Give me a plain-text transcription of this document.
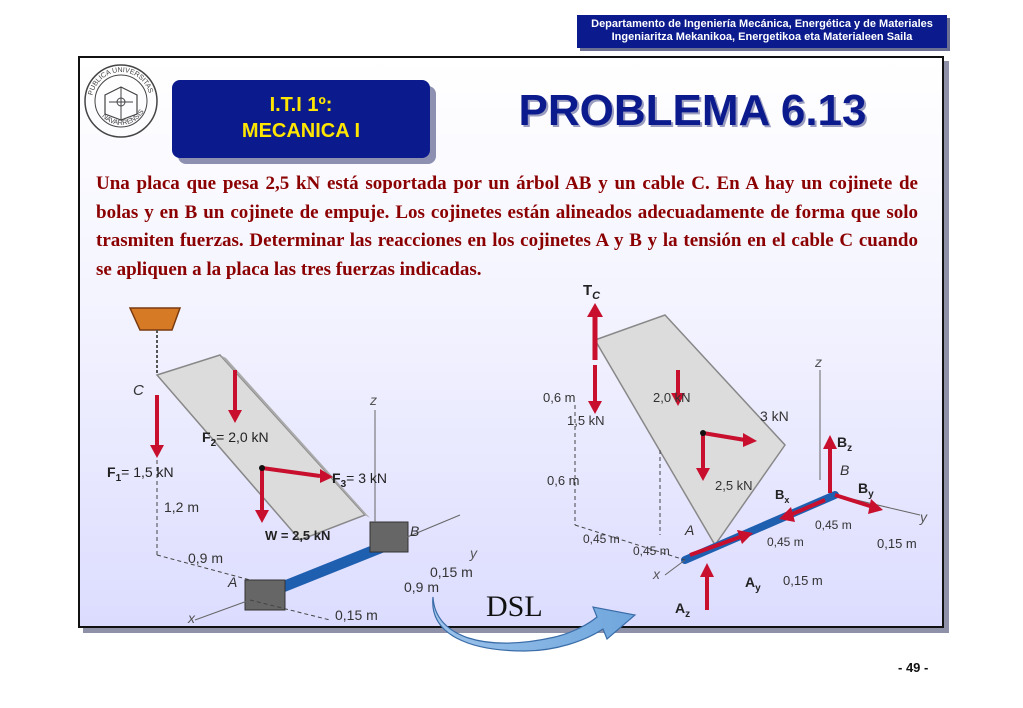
Departamento de Ingeniería Mecánica, Energética y de Materiales
Ingeniaritza Mekanikoa, Energetikoa eta Materialeen Saila
PUBLICA UNIVERSITAS
NAVARRENSIS	I.T.I 1º:
MECANICA I	PROBLEMA 6.13
Una placa que pesa 2,5 kN está soportada por un árbol AB y un cable C. En A hay un cojinete de bolas y en B un cojinete de empuje. Los cojinetes están alineados adecuadamente de forma que solo trasmiten fuerzas. Determinar las reacciones en los cojinetes A y B y la tensión en el cable C cuando se apliquen a la placa las tres fuerzas indicadas.
C
$F_2= 2,0$ kN
$F_1= 1,5$ kN	$F_3= 3$ kN
z
1,2 m
W = 2,5 kN	B
y
0,9 m
A
0,15 m
0,9 m
x	0,15 m
$T_C$
0,6 m	2,0 kN
1,5 kN	3 kN
z
$B_z$
B
0,6 m	2,5 kN
$B_x$
$B_y$
y
A
0,45 m
0,45 m
0,45 m
0,45 m
0,15 m
x	$A_y$
0,15 m
$A_z$
DSL
- 49 -
